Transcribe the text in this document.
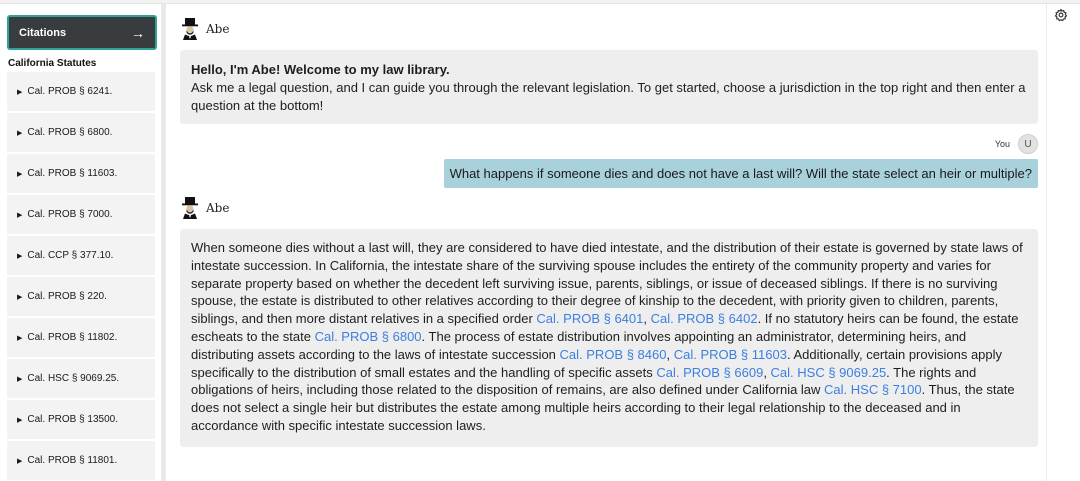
Citations	→
California Statutes
▶ Cal. PROB § 6241.
▶ Cal. PROB § 6800.
▶ Cal. PROB § 11603.
▶ Cal. PROB § 7000.
▶ Cal. CCP § 377.10.
▶ Cal. PROB § 220.
▶ Cal. PROB § 11802.
▶ Cal. HSC § 9069.25.
▶ Cal. PROB § 13500.
▶ Cal. PROB § 11801.
Abe
Hello, I'm Abe! Welcome to my law library.
Ask me a legal question, and I can guide you through the relevant legislation. To get started, choose a jurisdiction in the top right and then enter a question at the bottom!
You U
What happens if someone dies and does not have a last will? Will the state select an heir or multiple?
Abe
When someone dies without a last will, they are considered to have died intestate, and the distribution of their estate is governed by state laws of intestate succession. In California, the intestate share of the surviving spouse includes the entirety of the community property and varies for separate property based on whether the decedent left surviving issue, parents, siblings, or issue of deceased siblings. If there is no surviving spouse, the estate is distributed to other relatives according to their degree of kinship to the decedent, with priority given to children, parents, siblings, and then more distant relatives in a specified order Cal. PROB § 6401, Cal. PROB § 6402. If no statutory heirs can be found, the estate escheats to the state Cal. PROB § 6800. The process of estate distribution involves appointing an administrator, determining heirs, and distributing assets according to the laws of intestate succession Cal. PROB § 8460, Cal. PROB § 11603. Additionally, certain provisions apply specifically to the distribution of small estates and the handling of specific assets Cal. PROB § 6609, Cal. HSC § 9069.25. The rights and obligations of heirs, including those related to the disposition of remains, are also defined under California law Cal. HSC § 7100. Thus, the state does not select a single heir but distributes the estate among multiple heirs according to their legal relationship to the deceased and in accordance with specific intestate succession laws.
